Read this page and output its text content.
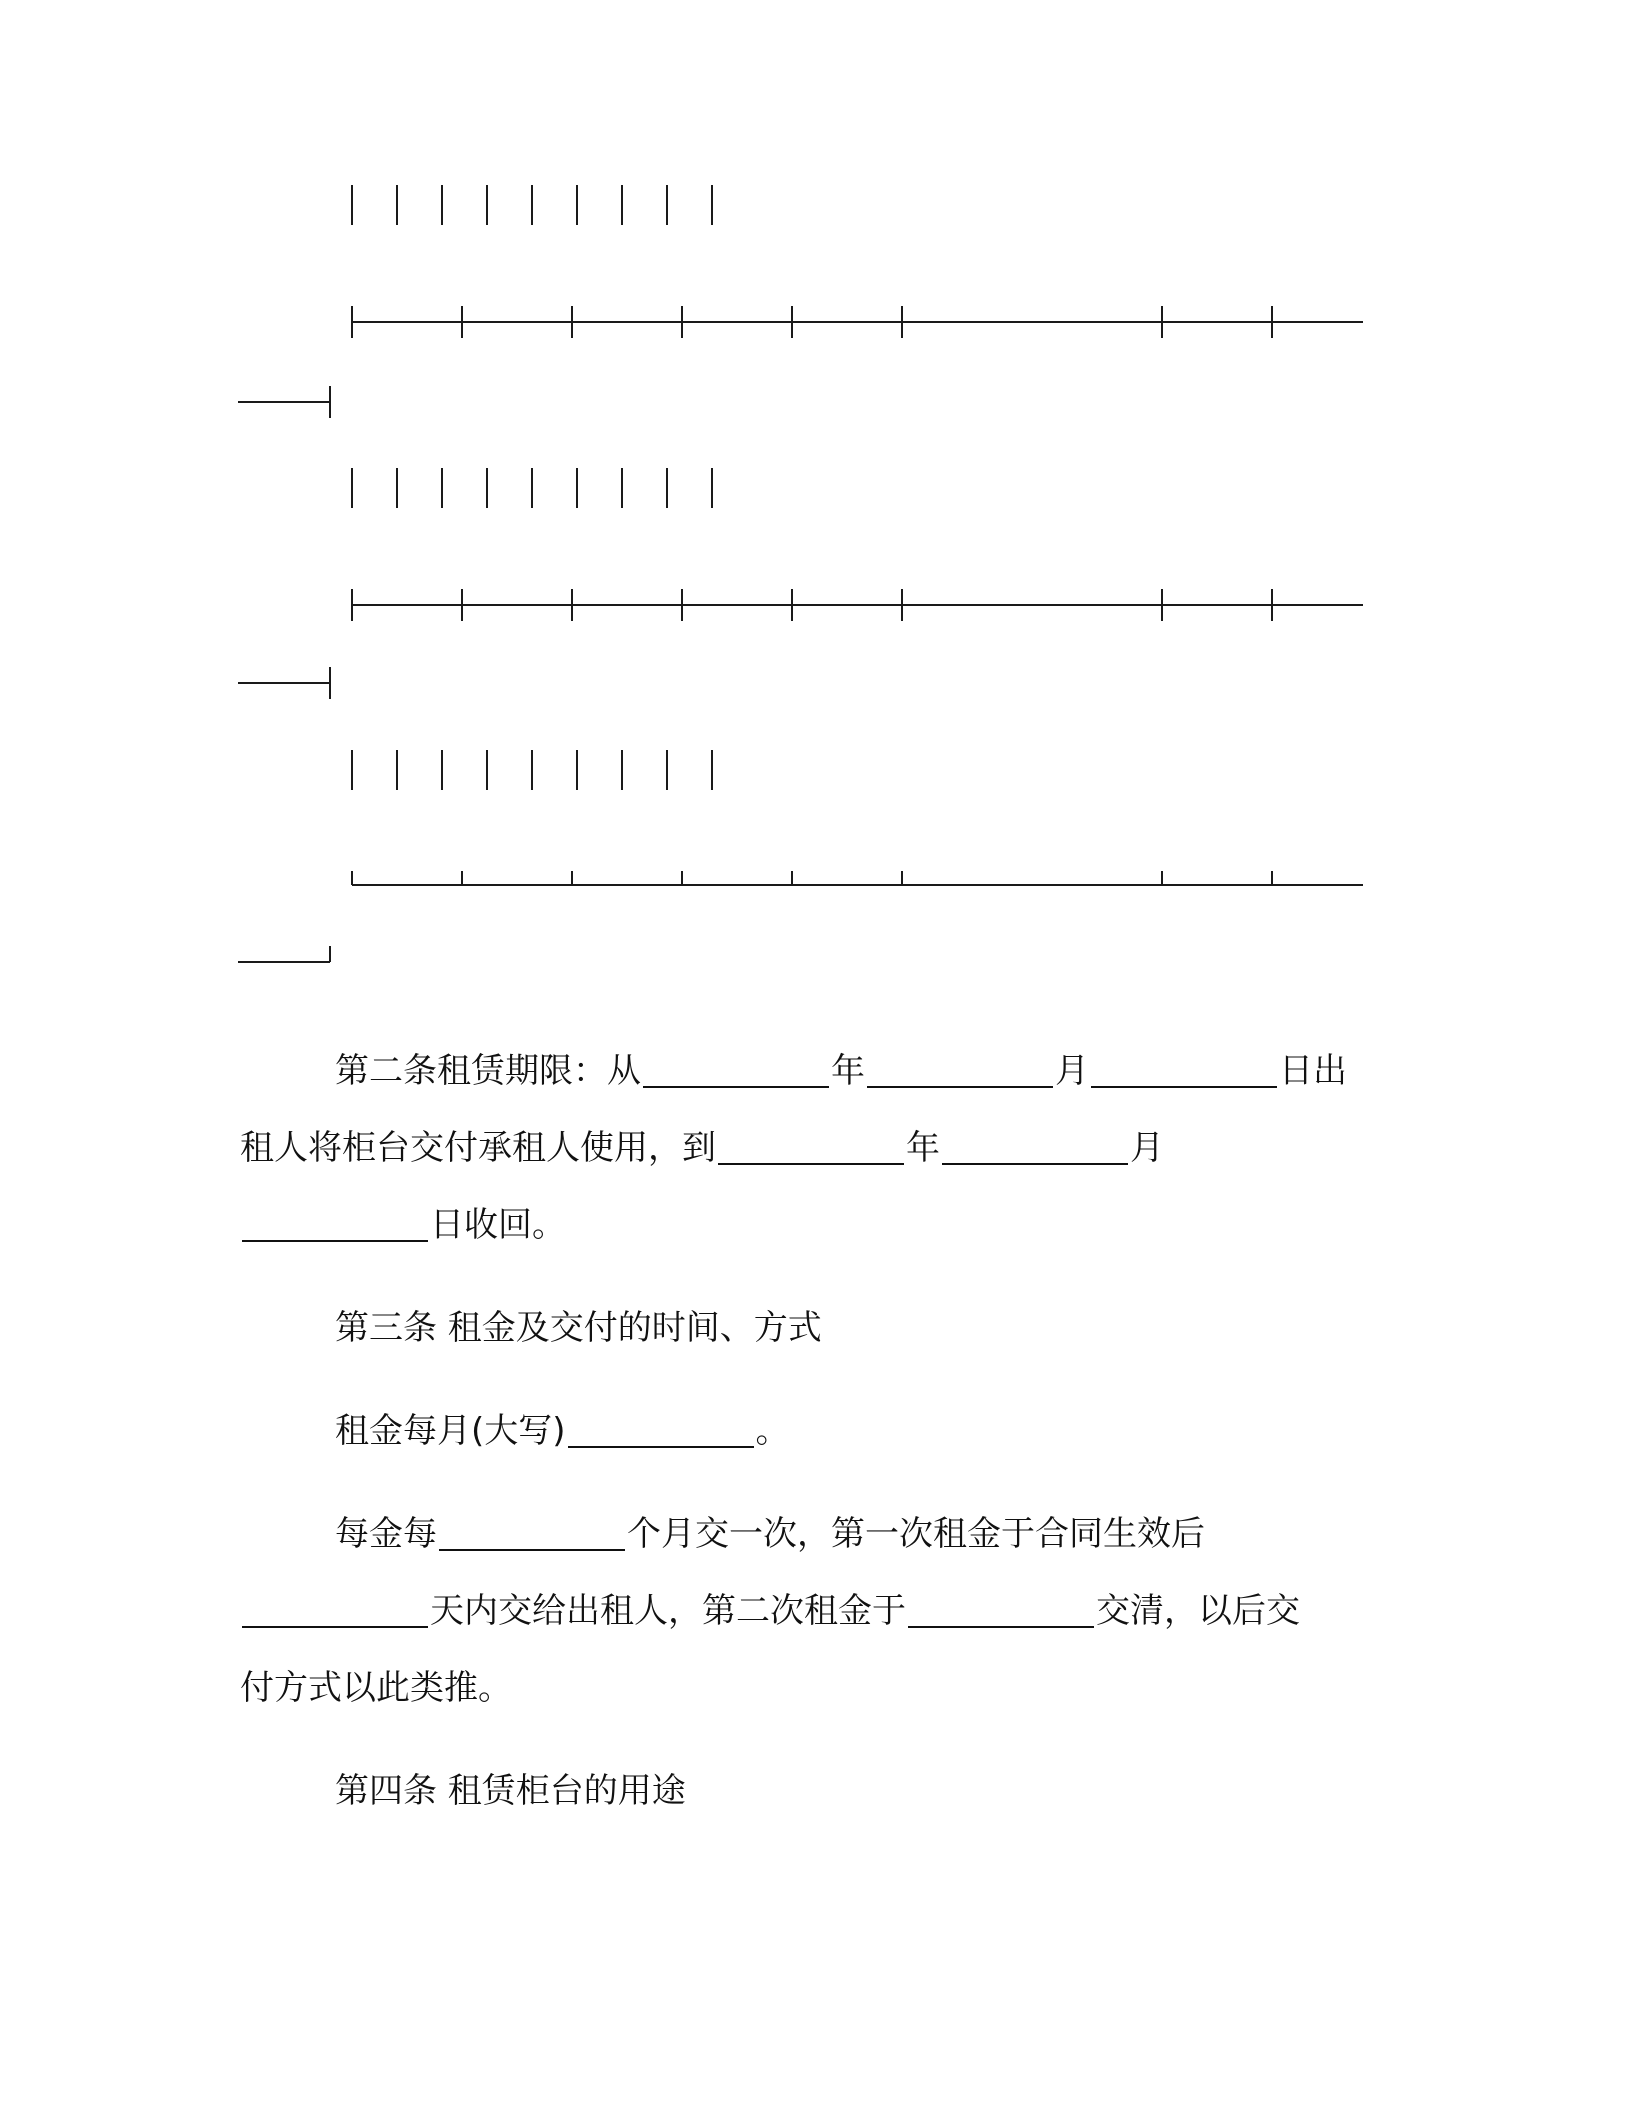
第二条租赁期限：从	年	月	日出
租人将柜台交付承租人使用，到	年	月
日收回。
第三条 租金及交付的时间、方式
租金每月(大写)	。
每金每	个月交一次，第一次租金于合同生效后
天内交给出租人，第二次租金于	交清，以后交
付方式以此类推。
第四条 租赁柜台的用途
